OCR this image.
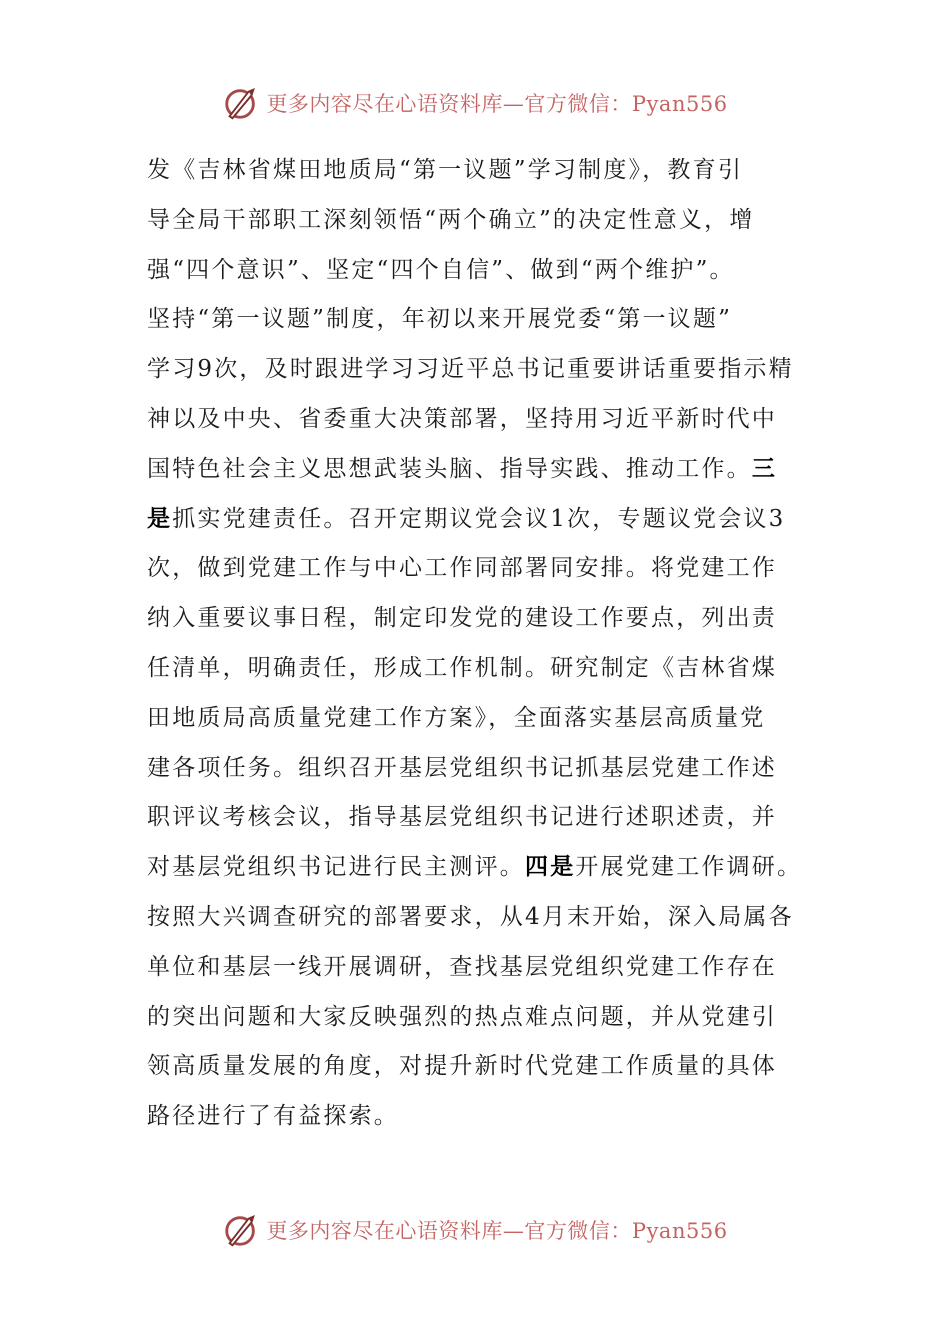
更多内容尽在心语资料库—官方微信：Pyan556
发《吉林省煤田地质局“第一议题”学习制度》，教育引
导全局干部职工深刻领悟“两个确立”的决定性意义，增
强“四个意识”、坚定“四个自信”、做到“两个维护”。
坚持“第一议题”制度，年初以来开展党委“第一议题”
学习9次，及时跟进学习习近平总书记重要讲话重要指示精
神以及中央、省委重大决策部署，坚持用习近平新时代中
国特色社会主义思想武装头脑、指导实践、推动工作。三
是抓实党建责任。召开定期议党会议1次，专题议党会议3
次，做到党建工作与中心工作同部署同安排。将党建工作
纳入重要议事日程，制定印发党的建设工作要点，列出责
任清单，明确责任，形成工作机制。研究制定《吉林省煤
田地质局高质量党建工作方案》，全面落实基层高质量党
建各项任务。组织召开基层党组织书记抓基层党建工作述
职评议考核会议，指导基层党组织书记进行述职述责，并
对基层党组织书记进行民主测评。四是开展党建工作调研。
按照大兴调查研究的部署要求，从4月末开始，深入局属各
单位和基层一线开展调研，查找基层党组织党建工作存在
的突出问题和大家反映强烈的热点难点问题，并从党建引
领高质量发展的角度，对提升新时代党建工作质量的具体
路径进行了有益探索。
更多内容尽在心语资料库—官方微信：Pyan556
